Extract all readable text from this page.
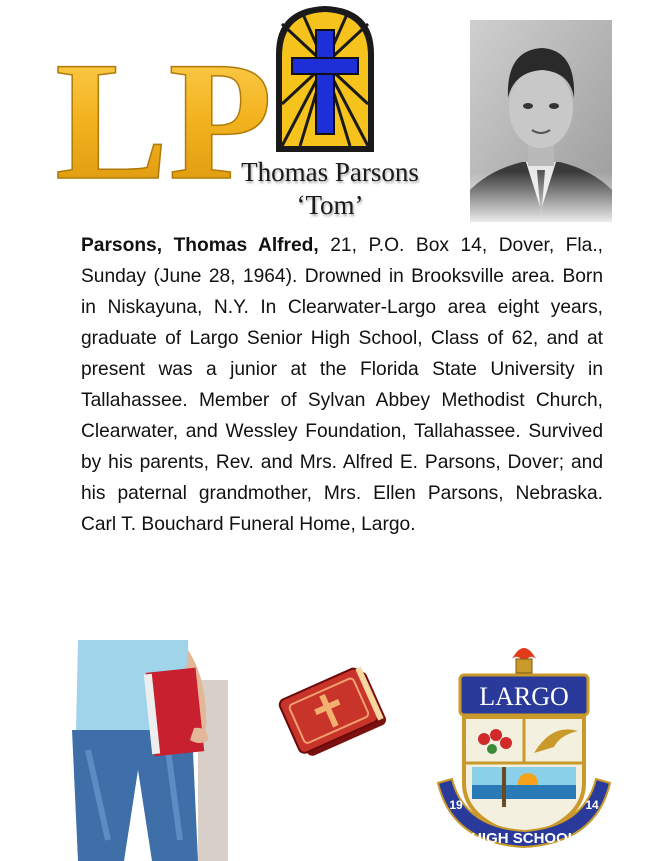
LP
Thomas Parsons
‘Tom’
Parsons, Thomas Alfred, 21, P.O. Box 14, Dover, Fla., Sunday (June 28, 1964). Drowned in Brooksville area. Born in Niskayuna, N.Y. In Clearwater-Largo area eight years, graduate of Largo Senior High School, Class of 62, and at present was a junior at the Florida State University in Tallahassee. Member of Sylvan Abbey Methodist Church, Clearwater, and Wessley Foundation, Tallahassee. Survived by his parents, Rev. and Mrs. Alfred E. Parsons, Dover; and his paternal grandmother, Mrs. Ellen Parsons, Nebraska. Carl T. Bouchard Funeral Home, Largo.
LARGO
HIGH SCHOOL
19	14
